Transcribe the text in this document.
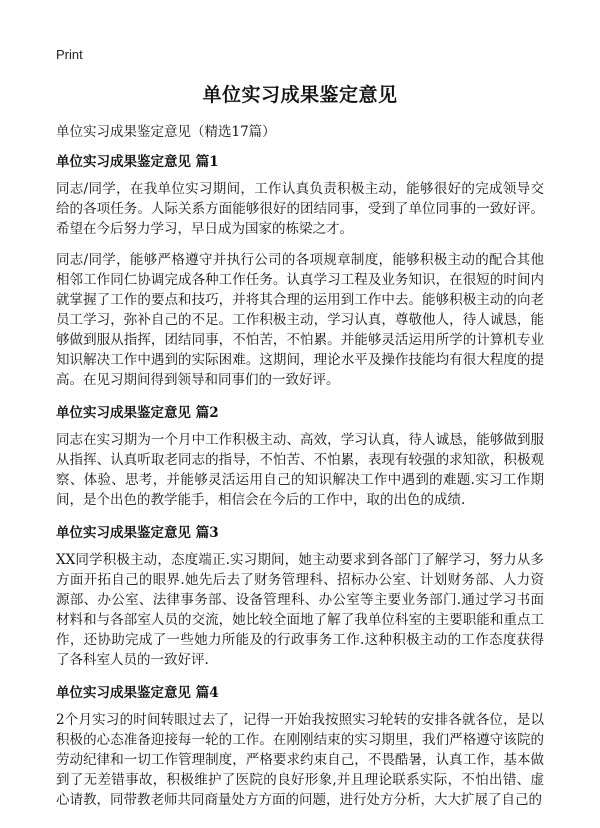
Print
单位实习成果鉴定意见
单位实习成果鉴定意见（精选17篇）
单位实习成果鉴定意见 篇1

同志/同学，在我单位实习期间，工作认真负责积极主动，能够很好的完成领导交给的各项任务。人际关系方面能够很好的团结同事，受到了单位同事的一致好评。希望在今后努力学习，早日成为国家的栋梁之才。

同志/同学，能够严格遵守并执行公司的各项规章制度，能够积极主动的配合其他相邻工作同仁协调完成各种工作任务。认真学习工程及业务知识，在很短的时间内就掌握了工作的要点和技巧，并将其合理的运用到工作中去。能够积极主动的向老员工学习，弥补自己的不足。工作积极主动，学习认真，尊敬他人，待人诚恳，能够做到服从指挥，团结同事，不怕苦，不怕累。并能够灵活运用所学的计算机专业知识解决工作中遇到的实际困难。这期间，理论水平及操作技能均有很大程度的提高。在见习期间得到领导和同事们的一致好评。

单位实习成果鉴定意见 篇2

同志在实习期为一个月中工作积极主动、高效，学习认真，待人诚恳，能够做到服从指挥、认真听取老同志的指导，不怕苦、不怕累，表现有较强的求知欲，积极观察、体验、思考，并能够灵活运用自己的知识解决工作中遇到的难题.实习工作期间，是个出色的教学能手，相信会在今后的工作中，取的出色的成绩.

单位实习成果鉴定意见 篇3

XX同学积极主动，态度端正.实习期间，她主动要求到各部门了解学习，努力从多方面开拓自己的眼界.她先后去了财务管理科、招标办公室、计划财务部、人力资源部、办公室、法律事务部、设备管理科、办公室等主要业务部门.通过学习书面材料和与各部室人员的交流，她比较全面地了解了我单位科室的主要职能和重点工作，还协助完成了一些她力所能及的行政事务工作.这种积极主动的工作态度获得了各科室人员的一致好评.

单位实习成果鉴定意见 篇4

2个月实习的时间转眼过去了，记得一开始我按照实习轮转的安排各就各位，是以积极的心态准备迎接每一轮的工作。在刚刚结束的实习期里，我们严格遵守该院的劳动纪律和一切工作管理制度，严格要求约束自己，不畏酷暑，认真工作，基本做到了无差错事故，积极维护了医院的良好形象,并且理论联系实际，不怕出错、虚心请教，同带教老师共同商量处方方面的问题，进行处方分析，大大扩展了自己的
